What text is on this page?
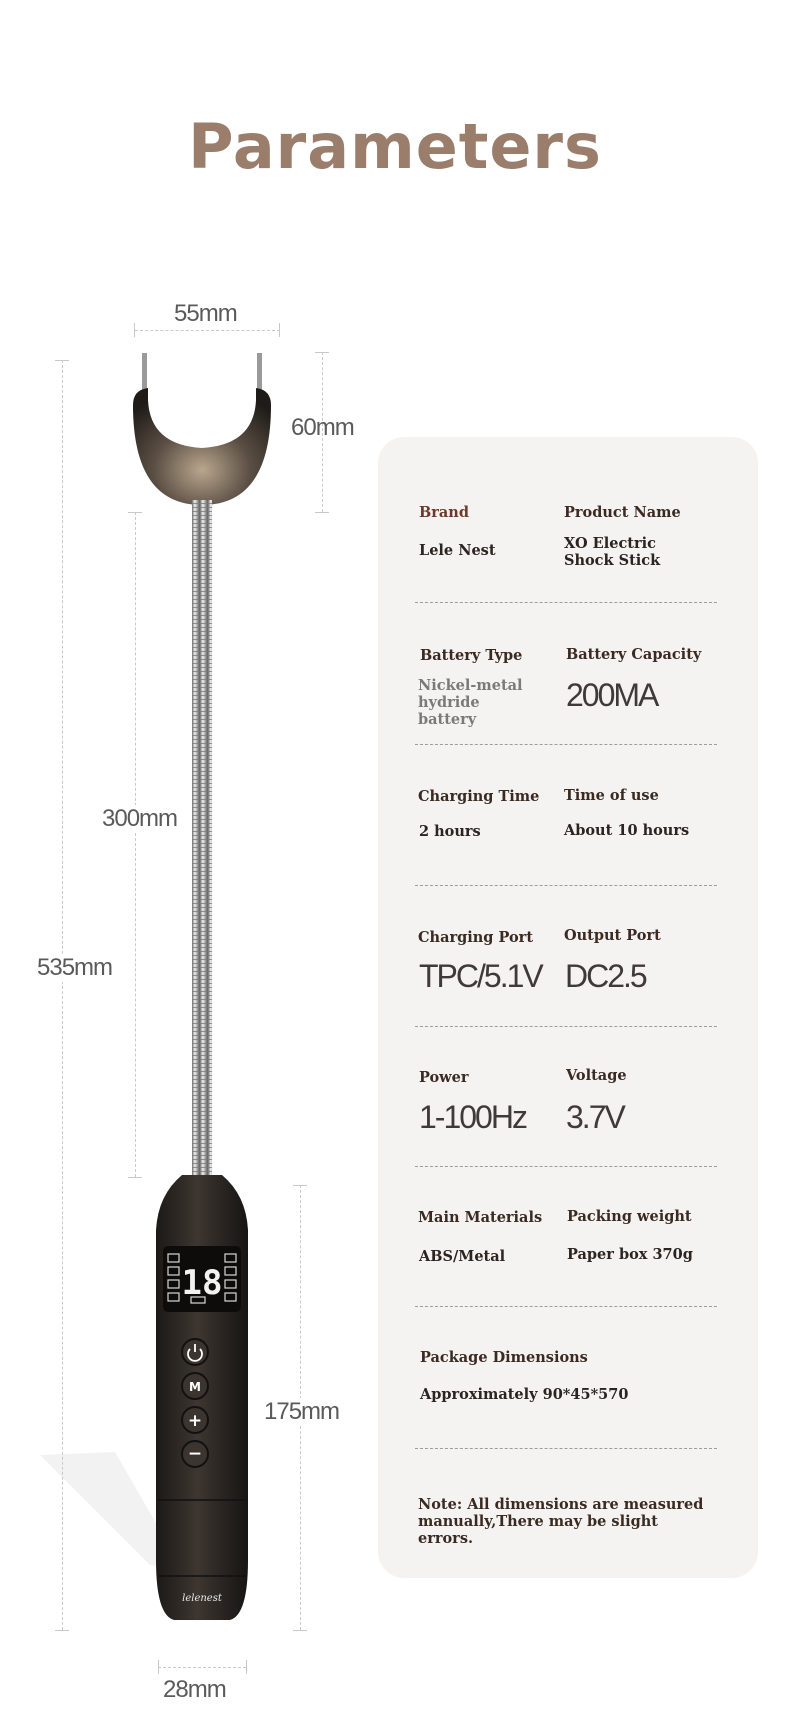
Parameters
18
M
+
−
lelenest
55mm
60mm
300mm
535mm
175mm
28mm
Brand
Lele Nest
Product Name
XO Electric
Shock Stick
Battery Type
Nickel-metal
hydride
battery
Battery Capacity
200MA
Charging Time
2 hours
Time of use
About 10 hours
Charging Port
TPC/5.1V
Output Port
DC2.5
Power
1-100Hz
Voltage
3.7V
Main Materials
ABS/Metal
Packing weight
Paper box 370g
Package Dimensions
Approximately 90*45*570
Note: All dimensions are measured
manually,There may be slight errors.
